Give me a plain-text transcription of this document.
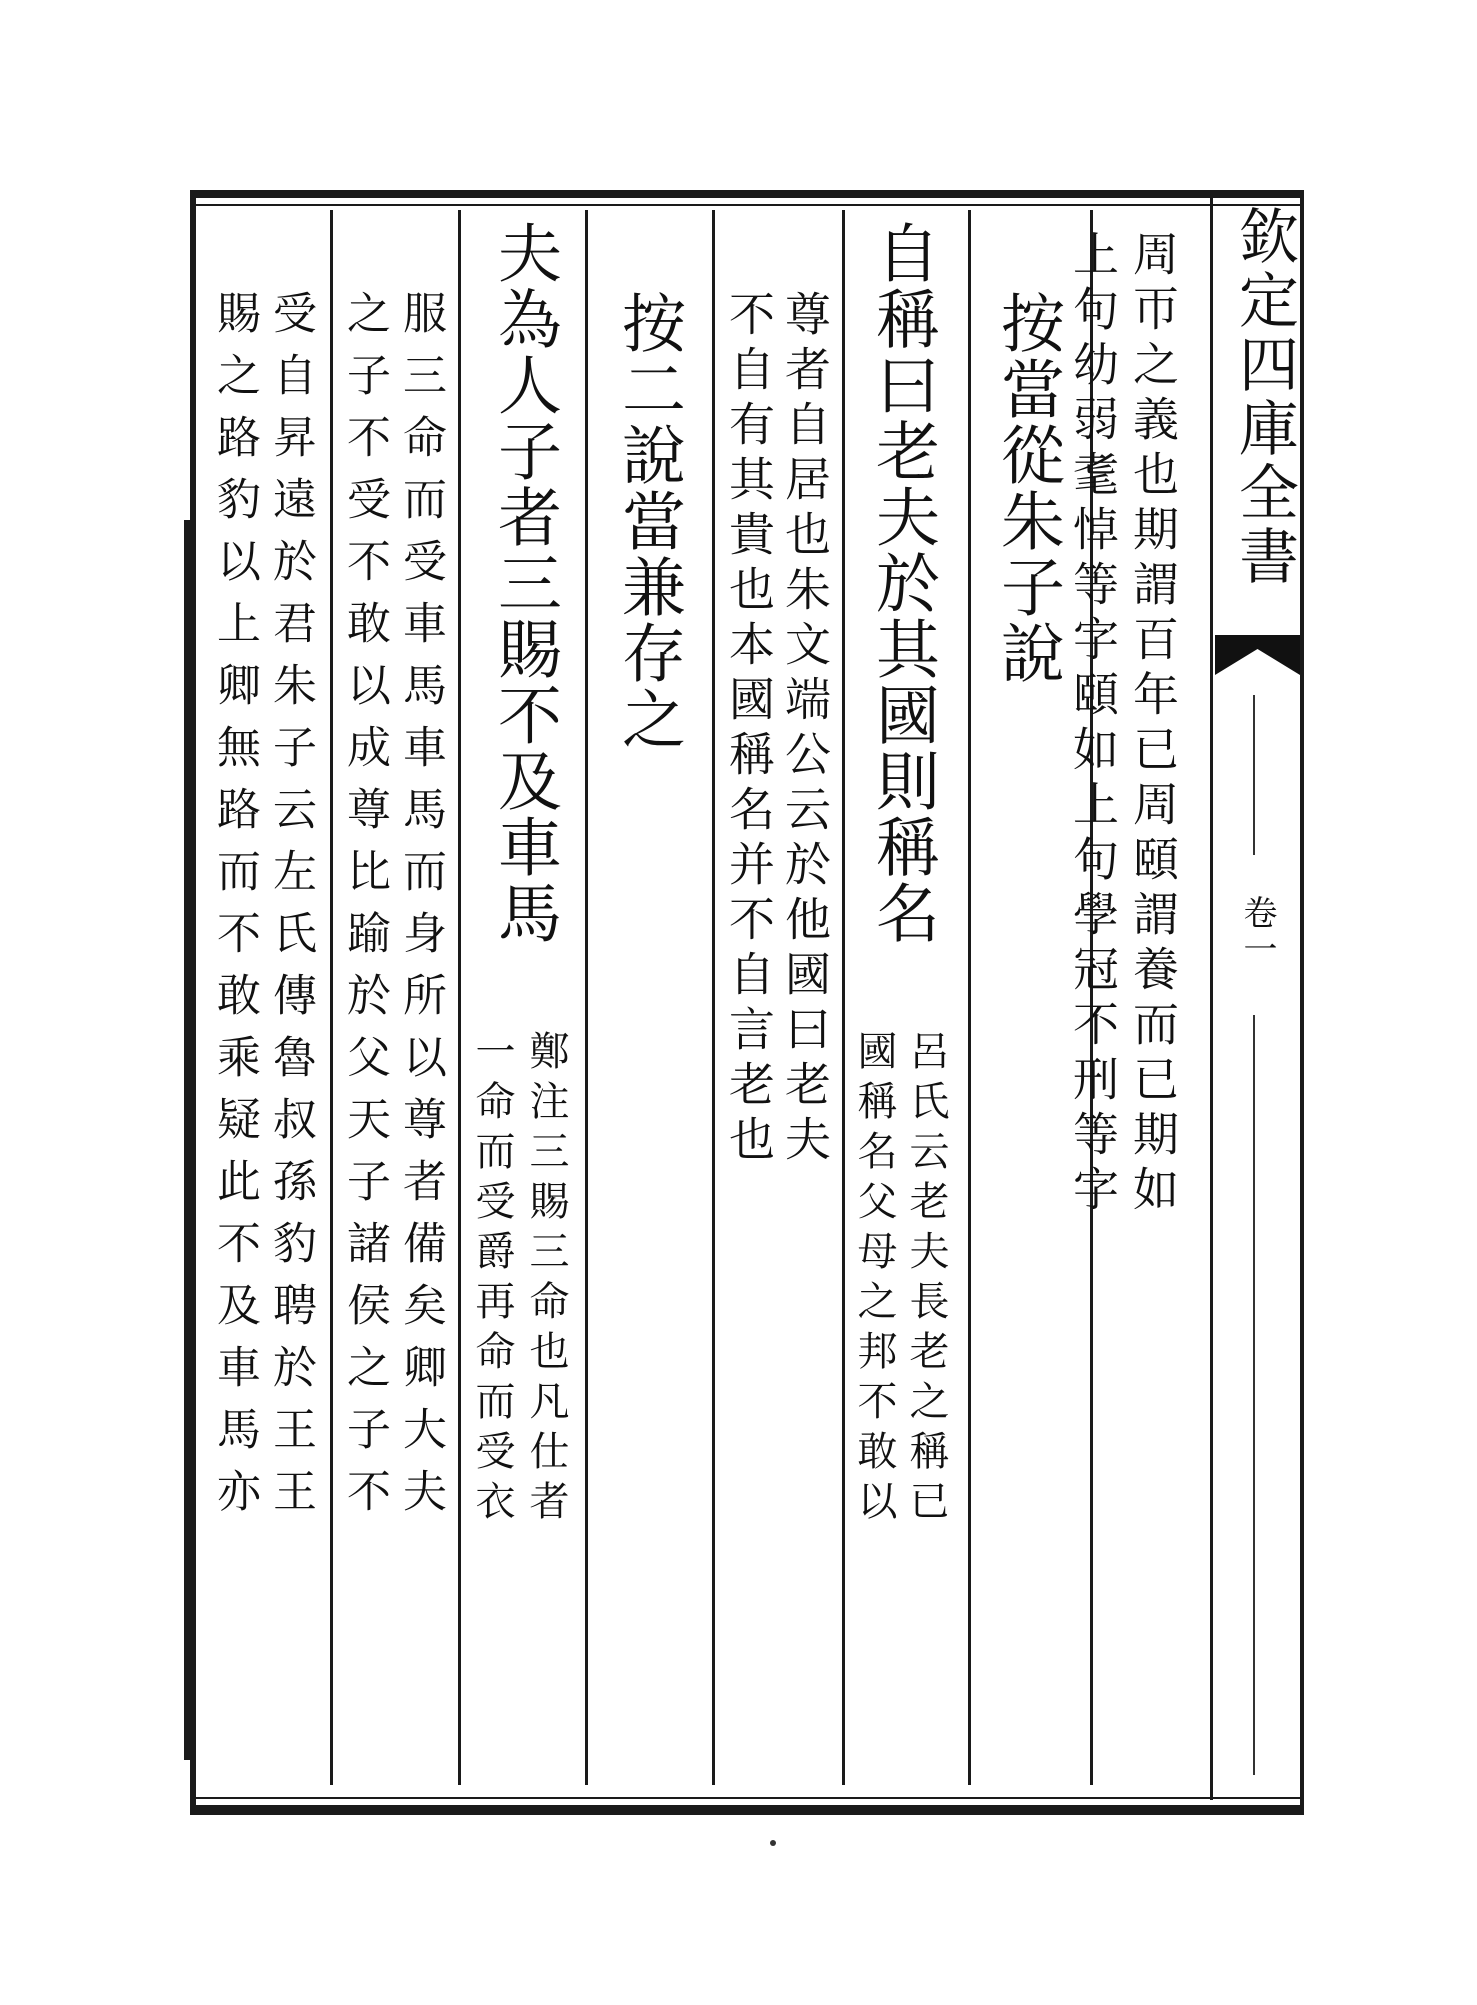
欽定四庫全書
卷一
周帀之義也期謂百年已周頤謂養而已期如
上句幼弱耄悼等字頤如上句學冠不刑等字
按當從朱子說
自稱曰老夫於其國則稱名
呂氏云老夫長老之稱已
國稱名父母之邦不敢以
尊者自居也朱文端公云於他國曰老夫
不自有其貴也本國稱名并不自言老也
按二說當兼存之
夫為人子者三賜不及車馬
鄭注三賜三命也凡仕者
一命而受爵再命而受衣
服三命而受車馬車馬而身所以尊者備矣卿大夫
之子不受不敢以成尊比踰於父天子諸侯之子不
受自昇遠於君朱子云左氏傳魯叔孫豹聘於王王
賜之路豹以上卿無路而不敢乘疑此不及車馬亦
